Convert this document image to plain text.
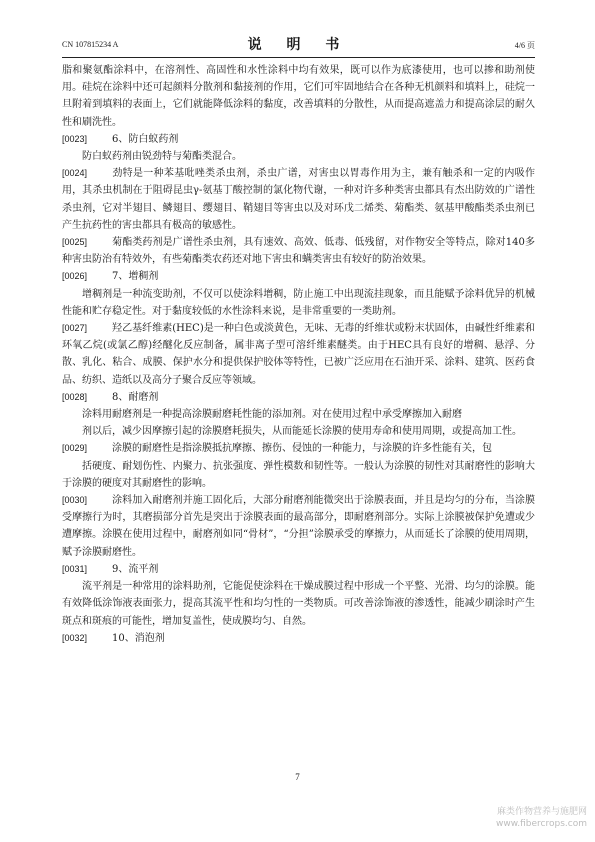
CN 107815234 A	说 明 书	4/6 页

脂和聚氨酯涂料中，在溶剂性、高固性和水性涂料中均有效果，既可以作为底漆使用，也可以掺和助剂使用。硅烷在涂料中还可起颜料分散剂和黏接剂的作用，它们可牢固地结合在各种无机颜料和填料上，硅烷一旦附着到填料的表面上，它们就能降低涂料的黏度，改善填料的分散性，从而提高遮盖力和提高涂层的耐久性和刷洗性。

[0023] 6、防白蚁药剂

防白蚁药剂由锐劲特与菊酯类混合。

[0024] 劲特是一种苯基吡唑类杀虫剂，杀虫广谱，对害虫以胃毒作用为主，兼有触杀和一定的内吸作用，其杀虫机制在于阻碍昆虫γ-氨基丁酸控制的氯化物代谢，一种对许多种类害虫都具有杰出防效的广谱性杀虫剂，它对半翅目、鳞翅目、缨翅目、鞘翅目等害虫以及对环戊二烯类、菊酯类、氨基甲酸酯类杀虫剂已产生抗药性的害虫都具有极高的敏感性。

[0025] 菊酯类药剂是广谱性杀虫剂，具有速效、高效、低毒、低残留，对作物安全等特点，除对140多种害虫防治有特效外，有些菊酯类农药还对地下害虫和螨类害虫有较好的防治效果。

[0026] 7、增稠剂

增稠剂是一种流变助剂，不仅可以使涂料增稠，防止施工中出现流挂现象，而且能赋予涂料优异的机械性能和贮存稳定性。对于黏度较低的水性涂料来说，是非常重要的一类助剂。

[0027] 羟乙基纤维素(HEC)是一种白色或淡黄色，无味、无毒的纤维状或粉末状固体，由碱性纤维素和环氧乙烷(或氯乙醇)经醚化反应制备，属非离子型可溶纤维素醚类。由于HEC具有良好的增稠、悬浮、分散、乳化、粘合、成膜、保护水分和提供保护胶体等特性，已被广泛应用在石油开采、涂料、建筑、医药食品、纺织、造纸以及高分子聚合反应等领域。

[0028] 8、耐磨剂

涂料用耐磨剂是一种提高涂膜耐磨耗性能的添加剂。对在使用过程中承受摩擦加入耐磨

剂以后，减少因摩擦引起的涂膜磨耗损失，从而能延长涂膜的使用寿命和使用周期，或提高加工性。

[0029] 涂膜的耐磨性是指涂膜抵抗摩擦、擦伤、侵蚀的一种能力，与涂膜的许多性能有关，包

括硬度、耐划伤性、内聚力、抗张强度、弹性模数和韧性等。一般认为涂膜的韧性对其耐磨性的影响大于涂膜的硬度对其耐磨性的影响。

[0030] 涂料加入耐磨剂并施工固化后，大部分耐磨剂能微突出于涂膜表面，并且是均匀的分布，当涂膜受摩擦行为时，其磨损部分首先是突出于涂膜表面的最高部分，即耐磨剂部分。实际上涂膜被保护免遭或少遭摩擦。涂膜在使用过程中，耐磨剂如同“骨材”，“分担”涂膜承受的摩擦力，从而延长了涂膜的使用周期，赋予涂膜耐磨性。

[0031] 9、流平剂

流平剂是一种常用的涂料助剂，它能促使涂料在干燥成膜过程中形成一个平整、光滑、均匀的涂膜。能有效降低涂饰液表面张力，提高其流平性和均匀性的一类物质。可改善涂饰液的渗透性，能减少刷涂时产生斑点和斑痕的可能性，增加复盖性，使成膜均匀、自然。

[0032] 10、消泡剂

7
麻类作物营养与施肥网
www.fibercrops.com
